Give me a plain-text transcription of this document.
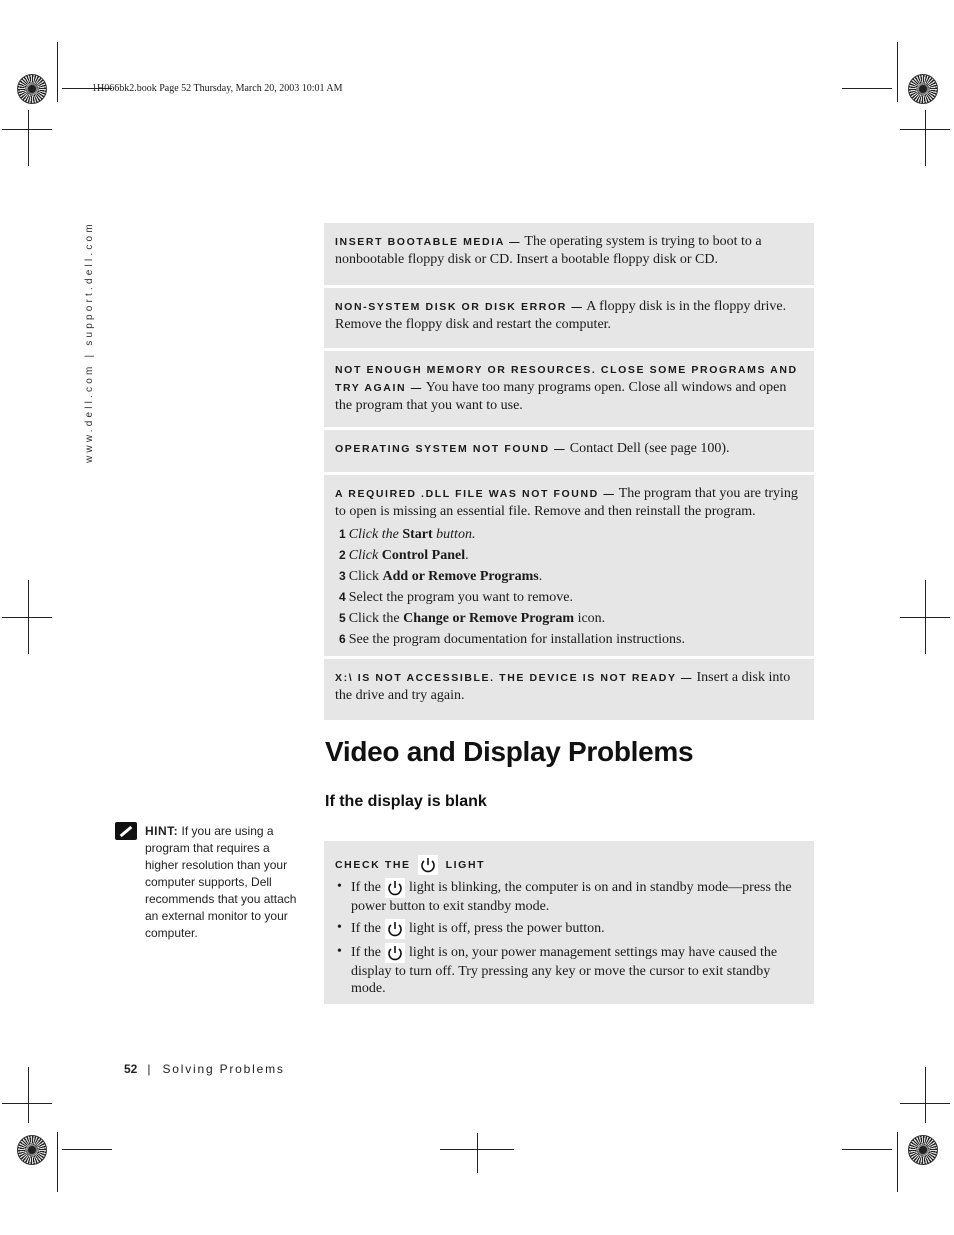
1H066bk2.book Page 52 Thursday, March 20, 2003 10:01 AM
www.dell.com | support.dell.com	INSERT BOOTABLE MEDIA — The operating system is trying to boot to a nonbootable floppy disk or CD. Insert a bootable floppy disk or CD.
NON-SYSTEM DISK OR DISK ERROR — A floppy disk is in the floppy drive. Remove the floppy disk and restart the computer.
NOT ENOUGH MEMORY OR RESOURCES. CLOSE SOME PROGRAMS AND TRY AGAIN — You have too many programs open. Close all windows and open the program that you want to use.
OPERATING SYSTEM NOT FOUND — Contact Dell (see page 100).
A REQUIRED .DLL FILE WAS NOT FOUND — The program that you are trying to open is missing an essential file. Remove and then reinstall the program.
1 Click the Start button.
2 Click Control Panel.
3 Click Add or Remove Programs.
4 Select the program you want to remove.
5 Click the Change or Remove Program icon.
6 See the program documentation for installation instructions.
X:\ IS NOT ACCESSIBLE. THE DEVICE IS NOT READY — Insert a disk into the drive and try again.
Video and Display Problems
If the display is blank
HINT: If you are using a program that requires a higher resolution than your computer supports, Dell recommends that you attach an external monitor to your computer.
CHECK THE	LIGHT
• If the light is blinking, the computer is on and in standby mode—press the power button to exit standby mode.
• If the light is off, press the power button.
• If the light is on, your power management settings may have caused the display to turn off. Try pressing any key or move the cursor to exit standby mode.
52 | Solving Problems
